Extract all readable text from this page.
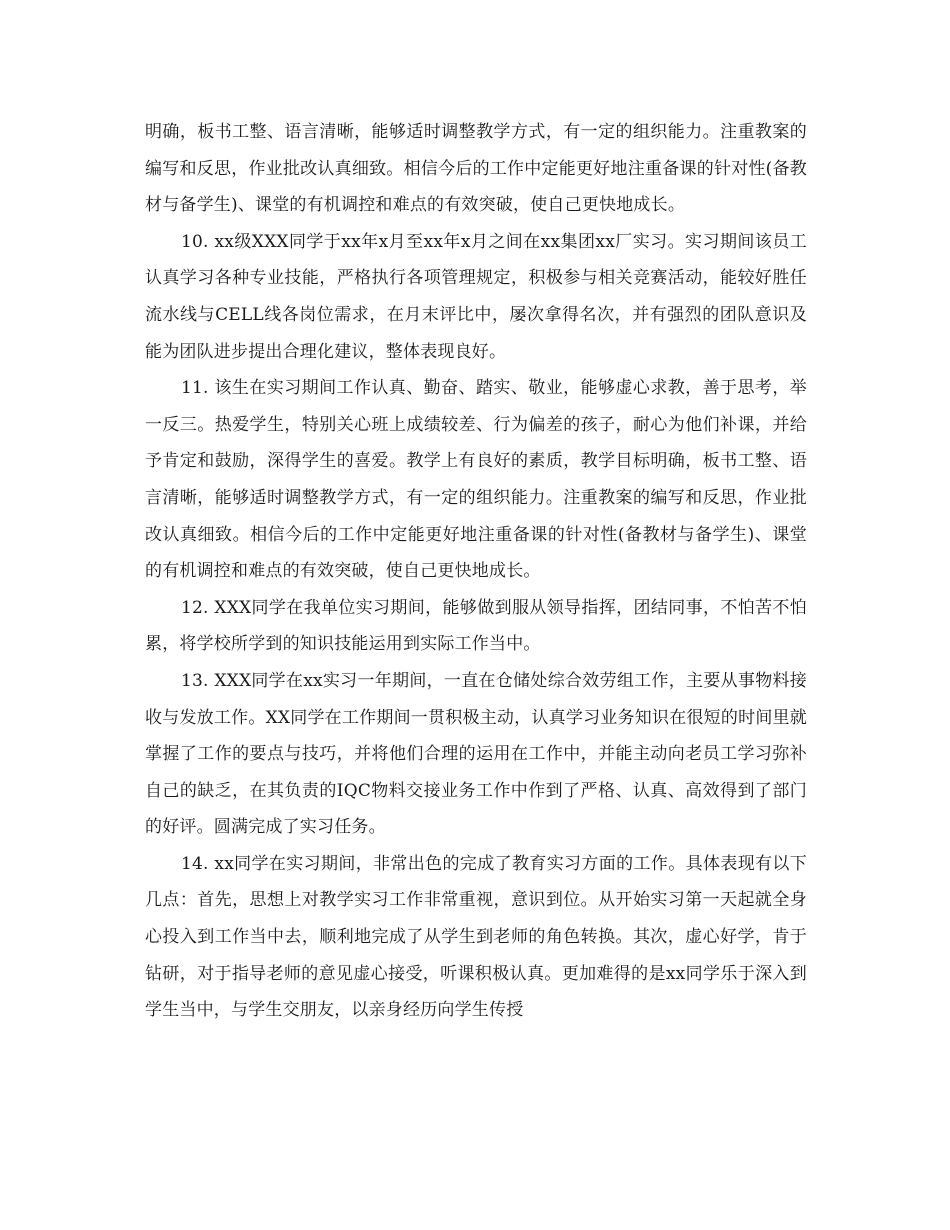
明确，板书工整、语言清晰，能够适时调整教学方式，有一定的组织能力。注重教案的编写和反思，作业批改认真细致。相信今后的工作中定能更好地注重备课的针对性(备教材与备学生)、课堂的有机调控和难点的有效突破，使自己更快地成长。

10. xx级XXX同学于xx年x月至xx年x月之间在xx集团xx厂实习。实习期间该员工认真学习各种专业技能，严格执行各项管理规定，积极参与相关竞赛活动，能较好胜任流水线与CELL线各岗位需求，在月末评比中，屡次拿得名次，并有强烈的团队意识及能为团队进步提出合理化建议，整体表现良好。

11. 该生在实习期间工作认真、勤奋、踏实、敬业，能够虚心求教，善于思考，举一反三。热爱学生，特别关心班上成绩较差、行为偏差的孩子，耐心为他们补课，并给予肯定和鼓励，深得学生的喜爱。教学上有良好的素质，教学目标明确，板书工整、语言清晰，能够适时调整教学方式，有一定的组织能力。注重教案的编写和反思，作业批改认真细致。相信今后的工作中定能更好地注重备课的针对性(备教材与备学生)、课堂的有机调控和难点的有效突破，使自己更快地成长。

12. XXX同学在我单位实习期间，能够做到服从领导指挥，团结同事，不怕苦不怕累，将学校所学到的知识技能运用到实际工作当中。

13. XXX同学在xx实习一年期间，一直在仓储处综合效劳组工作，主要从事物料接收与发放工作。XX同学在工作期间一贯积极主动，认真学习业务知识在很短的时间里就掌握了工作的要点与技巧，并将他们合理的运用在工作中，并能主动向老员工学习弥补自己的缺乏，在其负责的IQC物料交接业务工作中作到了严格、认真、高效得到了部门的好评。圆满完成了实习任务。

14. xx同学在实习期间，非常出色的完成了教育实习方面的工作。具体表现有以下几点：首先，思想上对教学实习工作非常重视，意识到位。从开始实习第一天起就全身心投入到工作当中去，顺利地完成了从学生到老师的角色转换。其次，虚心好学，肯于钻研，对于指导老师的意见虚心接受，听课积极认真。更加难得的是xx同学乐于深入到学生当中，与学生交朋友，以亲身经历向学生传授
